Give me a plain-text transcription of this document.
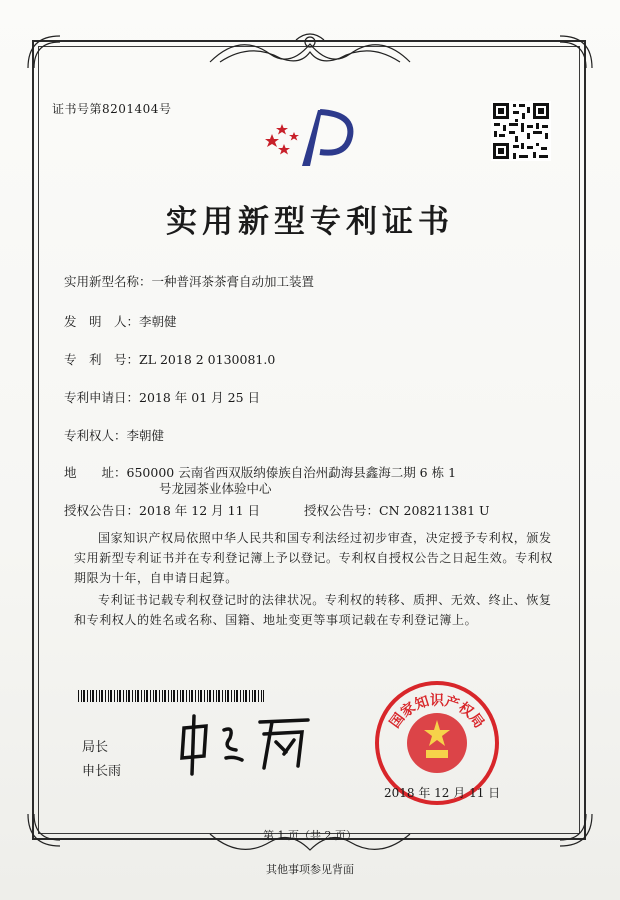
证书号第8201404号
实用新型专利证书
实用新型名称：一种普洱茶茶膏自动加工装置
发　明　人：李朝健
专　利　号：ZL 2018 2 0130081.0
专利申请日：2018 年 01 月 25 日
专利权人：李朝健
地　　址：650000 云南省西双版纳傣族自治州勐海县鑫海二期 6 栋 1
号龙园茶业体验中心
授权公告日：2018 年 12 月 11 日	授权公告号：CN 208211381 U
国家知识产权局依照中华人民共和国专利法经过初步审查，决定授予专利权，颁发实用新型专利证书并在专利登记簿上予以登记。专利权自授权公告之日起生效。专利权期限为十年，自申请日起算。
专利证书记载专利权登记时的法律状况。专利权的转移、质押、无效、终止、恢复和专利权人的姓名或名称、国籍、地址变更等事项记载在专利登记簿上。
局长
申长雨
国家知识产权局
2018 年 12 月 11 日
第 1 页（共 2 页）
其他事项参见背面
